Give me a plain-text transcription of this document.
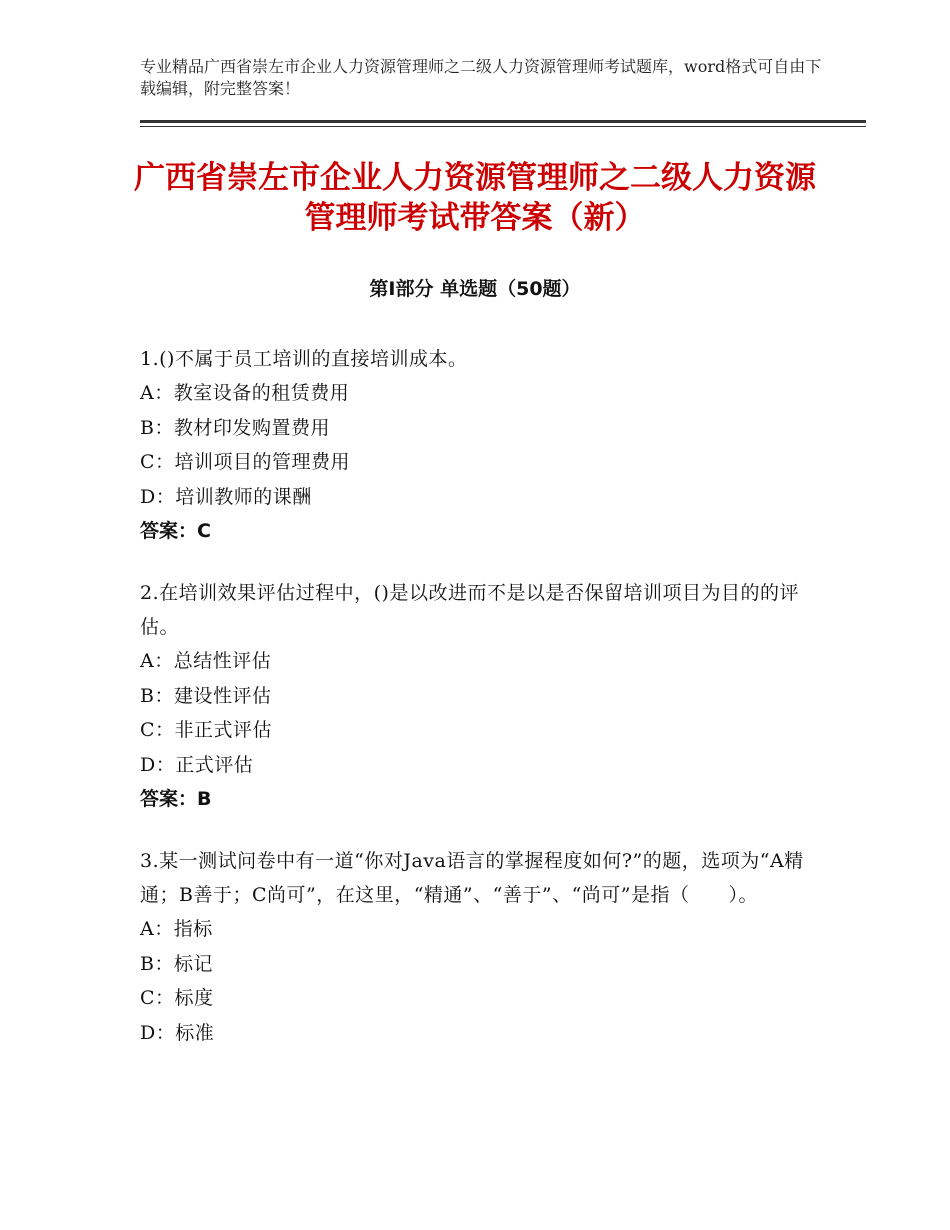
专业精品广西省崇左市企业人力资源管理师之二级人力资源管理师考试题库，word格式可自由下载编辑，附完整答案！
广西省崇左市企业人力资源管理师之二级人力资源管理师考试带答案（新）
第Ⅰ部分 单选题（50题）

1.()不属于员工培训的直接培训成本。

A：教室设备的租赁费用

B：教材印发购置费用

C：培训项目的管理费用

D：培训教师的课酬

答案：C

2.在培训效果评估过程中，()是以改进而不是以是否保留培训项目为目的的评估。

A：总结性评估

B：建设性评估

C：非正式评估

D：正式评估

答案：B

3.某一测试问卷中有一道“你对Java语言的掌握程度如何?”的题，选项为“A精通；B善于；C尚可”，在这里，“精通”、“善于”、“尚可”是指（　　）。

A：指标

B：标记

C：标度

D：标准
